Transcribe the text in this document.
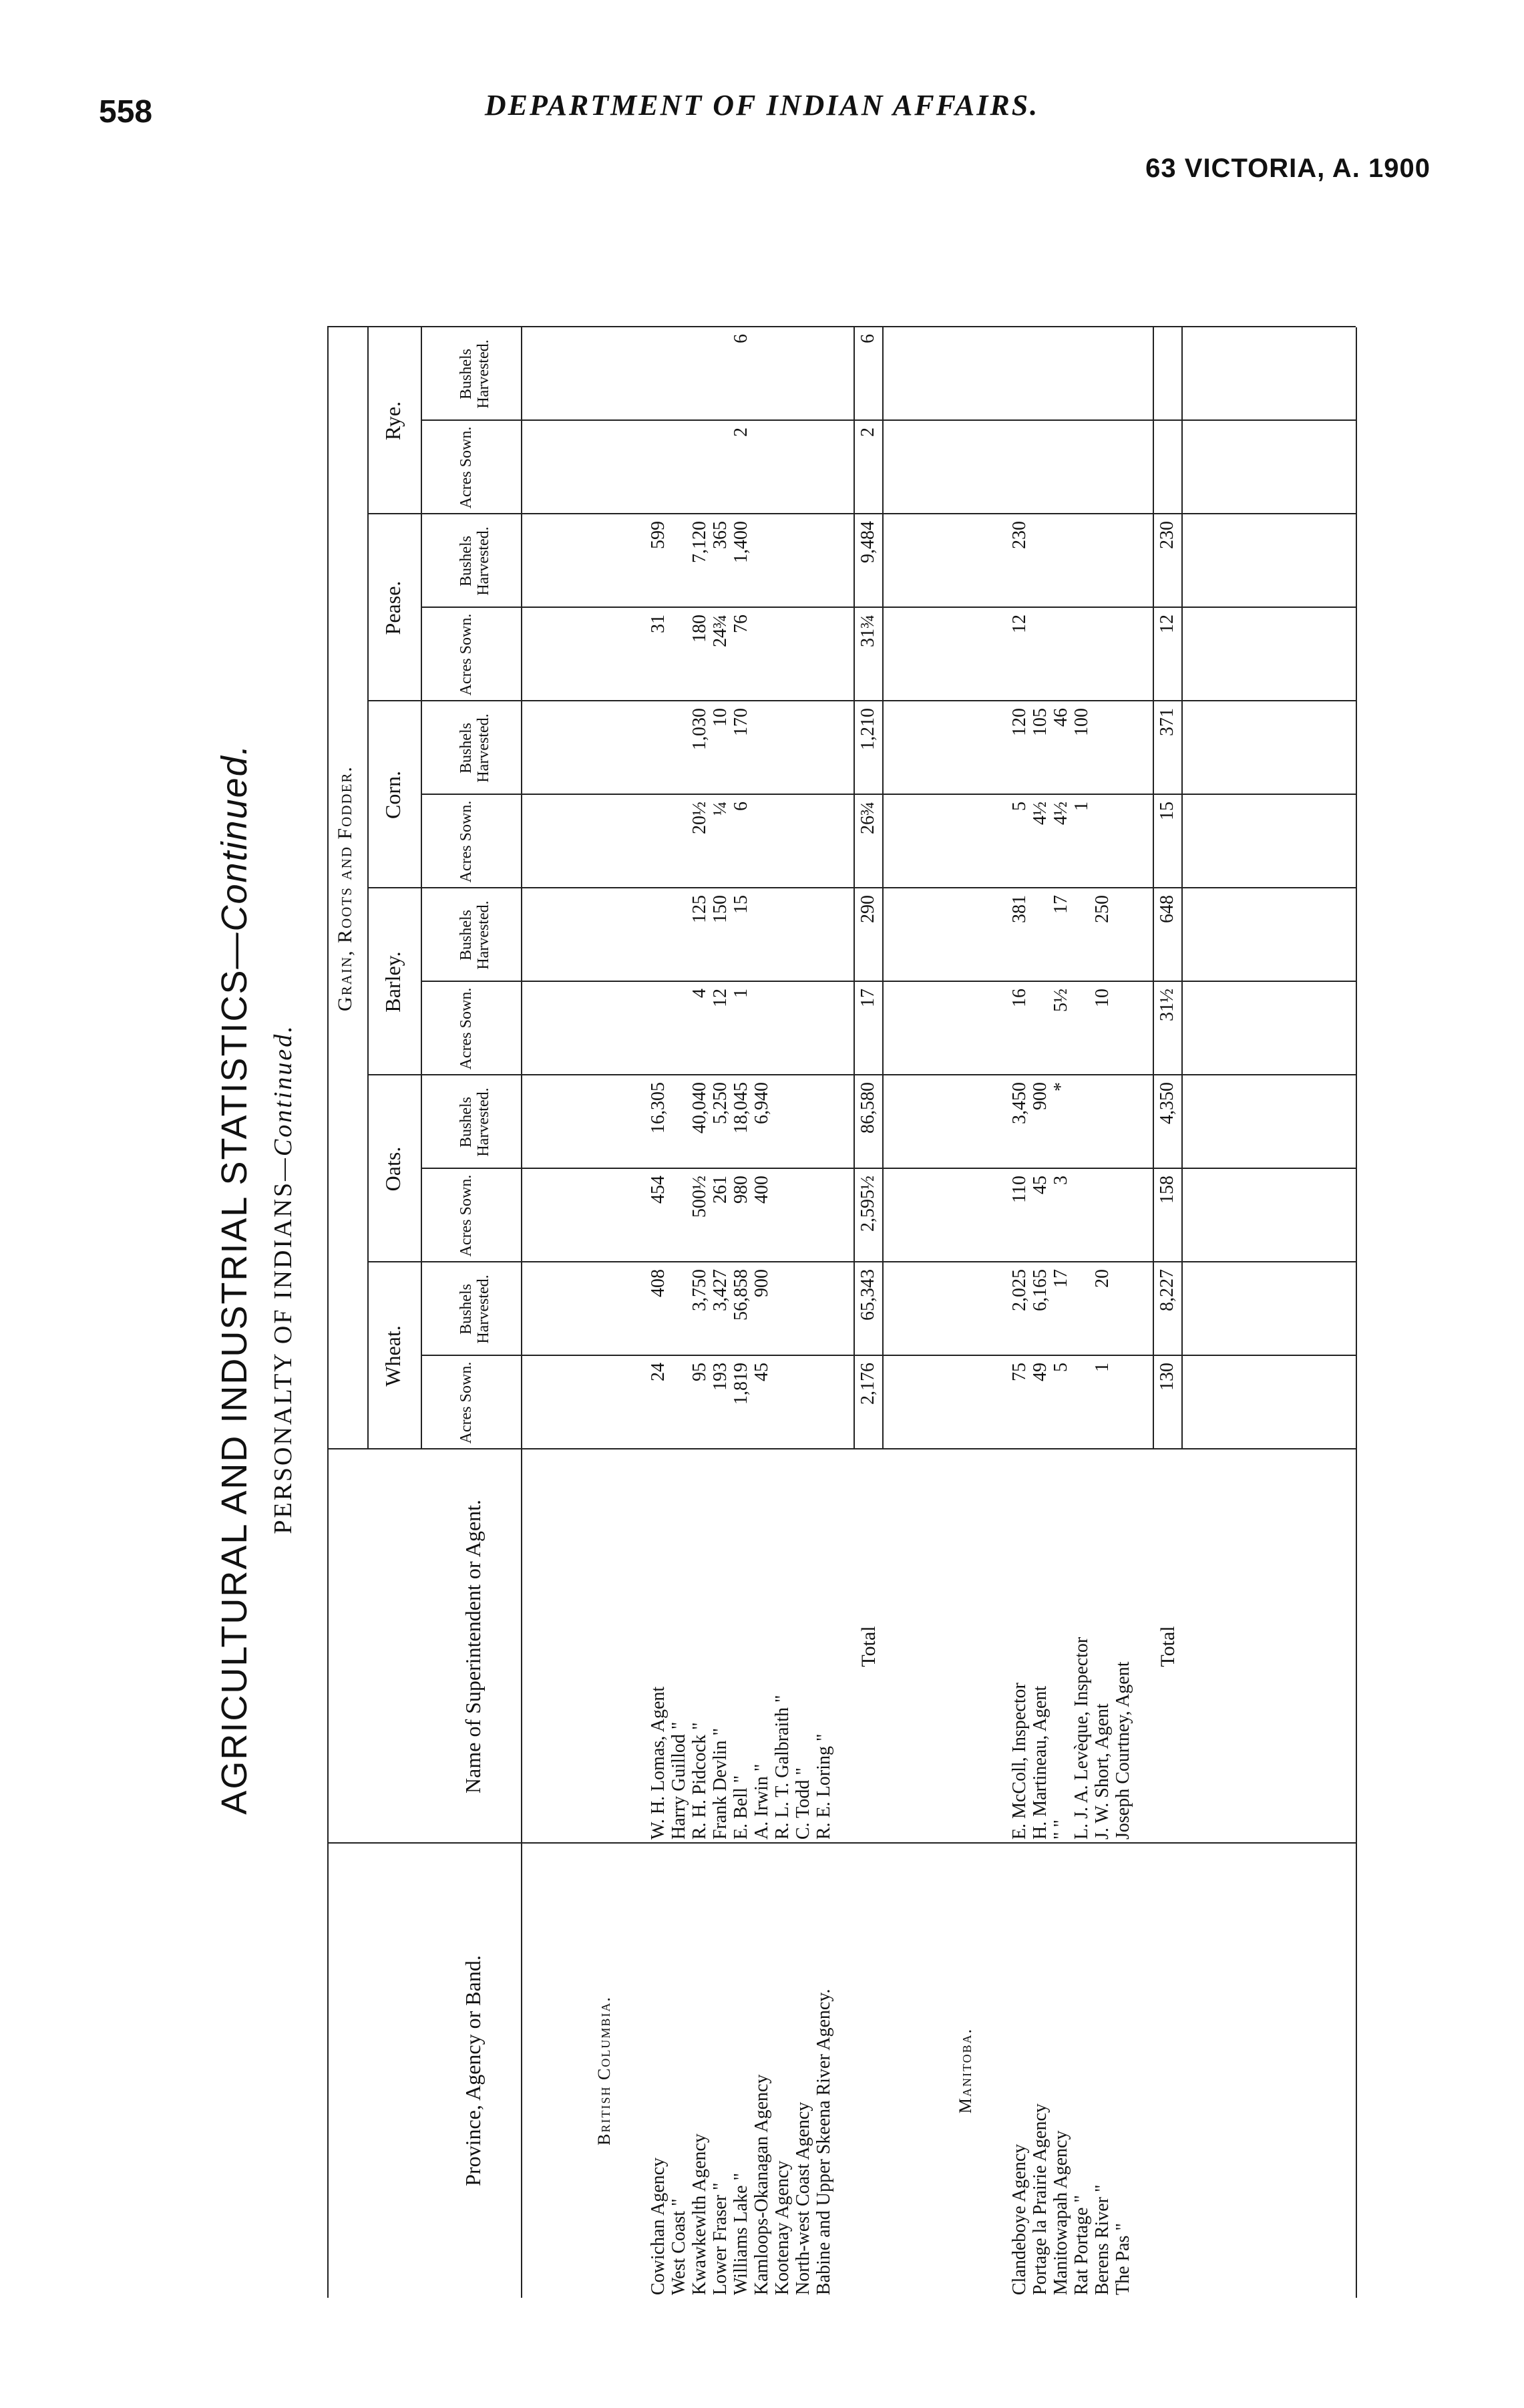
558	DEPARTMENT OF INDIAN AFFAIRS.
63 VICTORIA, A. 1900
AGRICULTURAL AND INDUSTRIAL STATISTICS—Continued.
PERSONALTY OF INDIANS—Continued.
Grain, Roots and Fodder.
Wheat.
Oats.
Barley.
Corn.
Pease.
Rye.
Acres Sown.
Bushels Harvested.
Acres Sown.
Bushels Harvested.
Acres Sown.
Bushels Harvested.
Acres Sown.
Bushels Harvested.
Acres Sown.
Bushels Harvested.
Acres Sown.
Bushels Harvested.
Province, Agency or Band.
Name of Superintendent or Agent.
British Columbia.
Cowichan Agency
W. H. Lomas, Agent
24
408
454
16,305
31
599
West Coast "
Harry Guillod "
Kwawkewlth Agency
R. H. Pidcock "
95
3,750
500½
40,040
4
125
20½
1,030
180
7,120
Lower Fraser "
Frank Devlin "
193
3,427
261
5,250
12
150
¼
10
24¾
365
Williams Lake "
E. Bell "
1,819
56,858
980
18,045
1
15
6
170
76
1,400
2
6
Kamloops-Okanagan Agency
A. Irwin "
45
900
400
6,940
Kootenay Agency
R. L. T. Galbraith "
North-west Coast Agency
C. Todd "
Babine and Upper Skeena River Agency.
R. E. Loring "
Total
2,176
65,343
2,595½
86,580
17
290
26¾
1,210
31¾
9,484
2
6
Manitoba.
Clandeboye Agency
E. McColl, Inspector
75
2,025
110
3,450
16
381
5
120
12
230
Portage la Prairie Agency
H. Martineau, Agent
49
6,165
45
900
4½
105
Manitowapah Agency
" "
5
17
3
*
5½
17
4½
46
Rat Portage "
L. J. A. Levèque, Inspector
1
100
Berens River "
J. W. Short, Agent
1
20
10
250
The Pas "
Joseph Courtney, Agent
Total
130
8,227
158
4,350
31½
648
15
371
12
230
